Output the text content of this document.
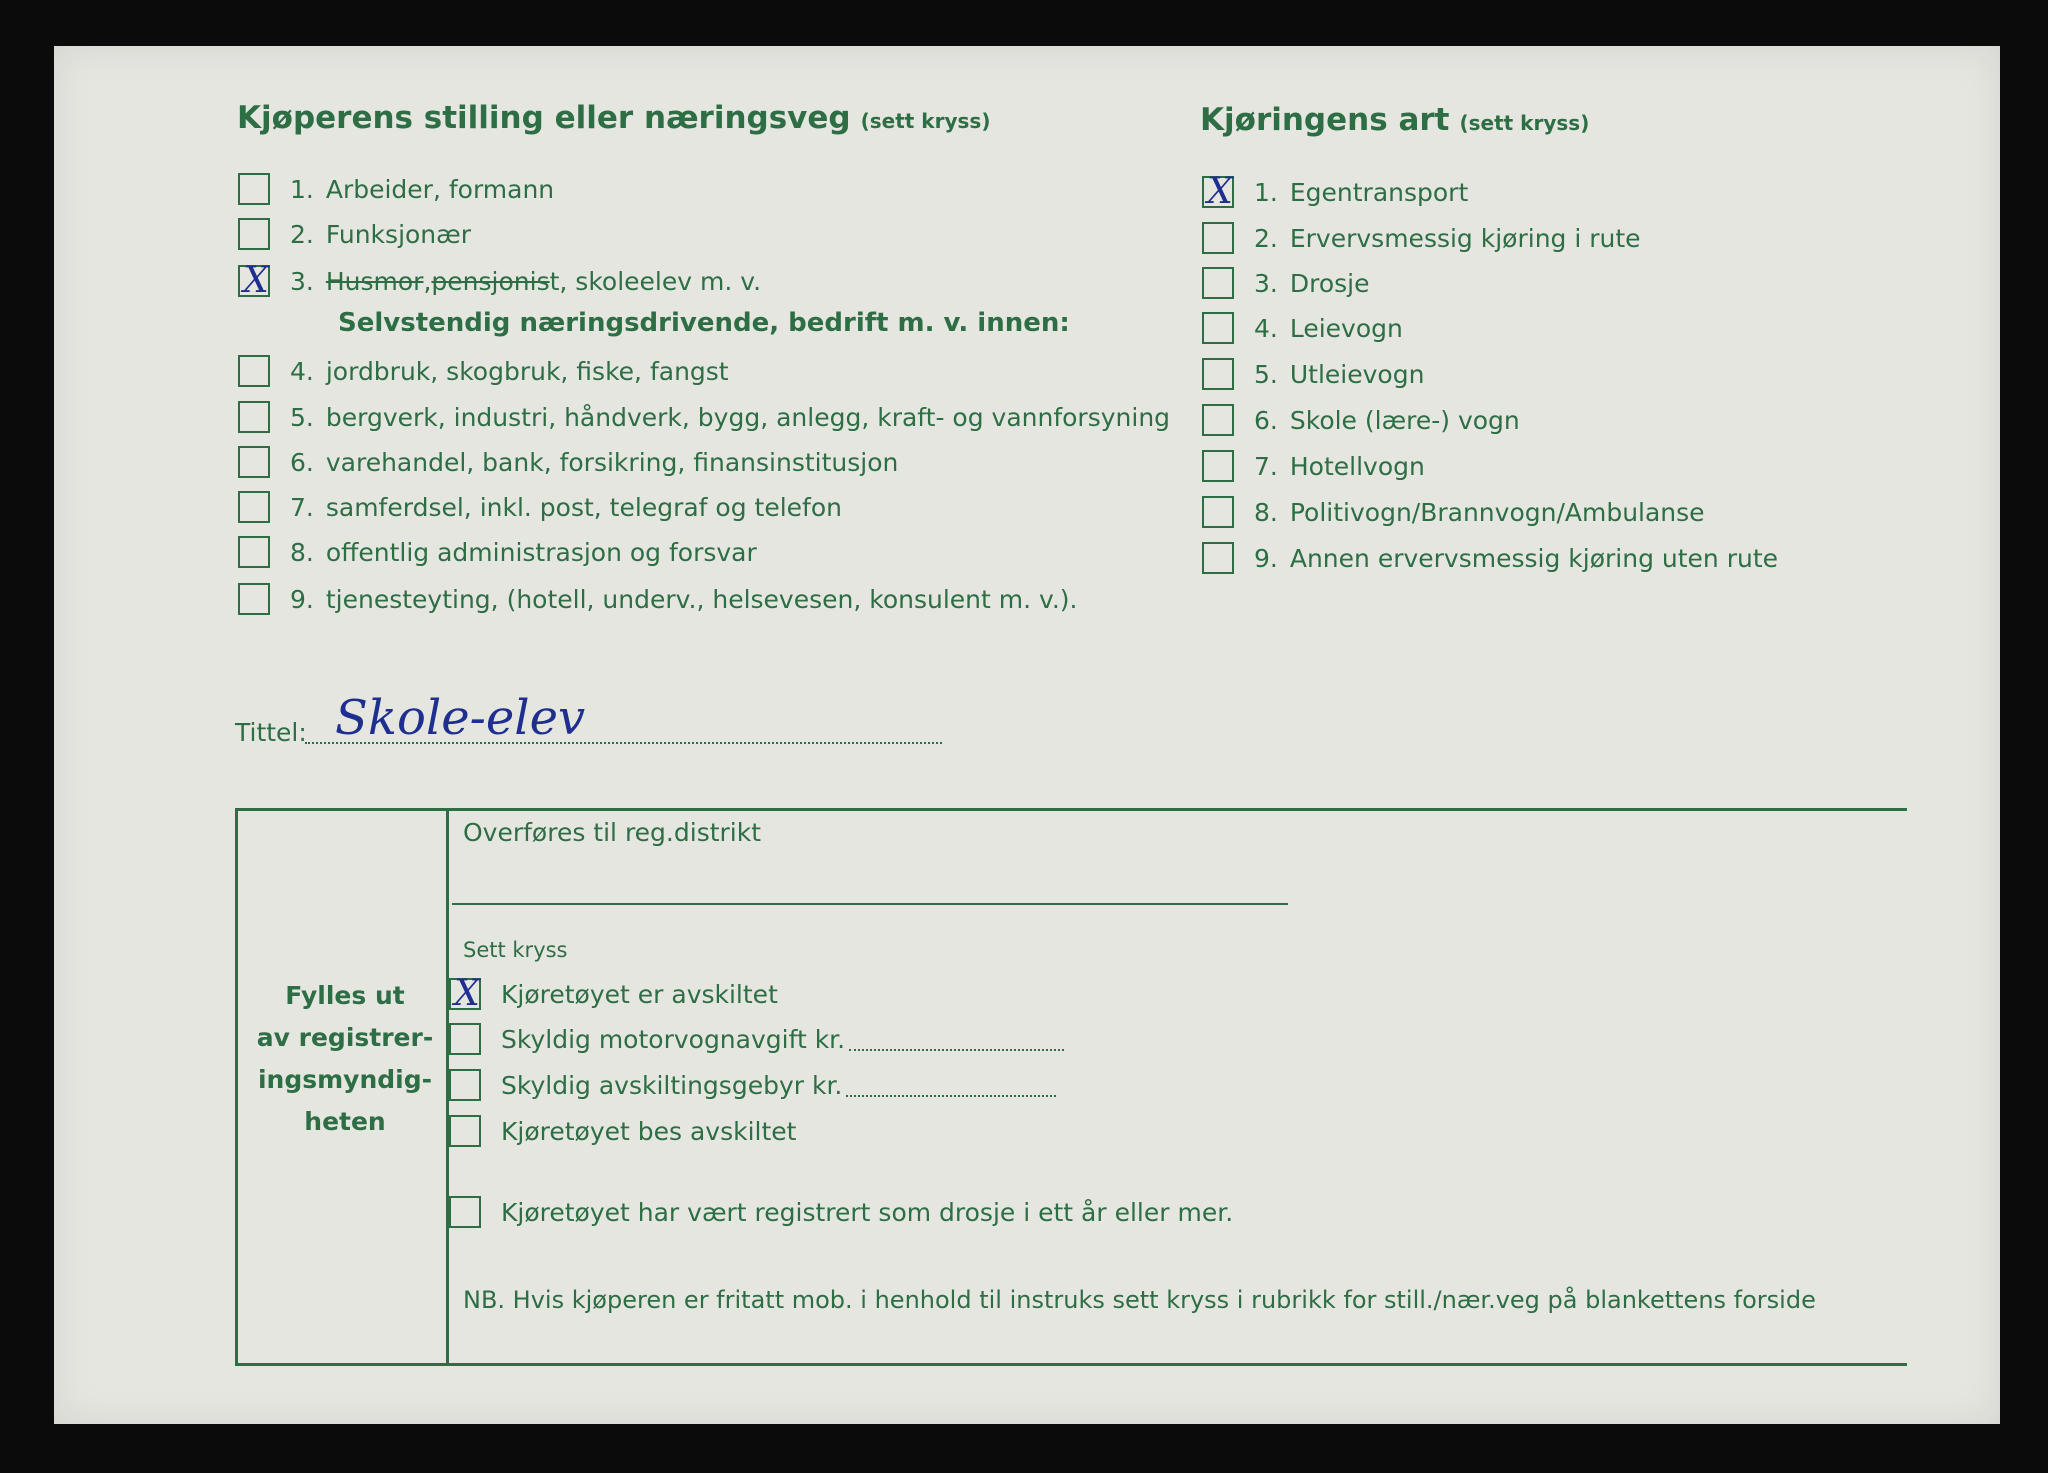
Kjøperens stilling eller næringsveg (sett kryss)	Kjøringens art (sett kryss)
1. Arbeider, formann
2. Funksjonær
X 3. Husmor , pensjonis t, skoleelev m. v.
Selvstendig næringsdrivende, bedrift m. v. innen:
4. jordbruk, skogbruk, fiske, fangst
5. bergverk, industri, håndverk, bygg, anlegg, kraft- og vannforsyning
6. varehandel, bank, forsikring, finansinstitusjon
7. samferdsel, inkl. post, telegraf og telefon
8. offentlig administrasjon og forsvar
9. tjenesteyting, (hotell, underv., helsevesen, konsulent m. v.).
X 1. Egentransport
2. Ervervsmessig kjøring i rute
3. Drosje
4. Leievogn
5. Utleievogn
6. Skole (lære-) vogn
7. Hotellvogn
8. Politivogn/Brannvogn/Ambulanse
9. Annen ervervsmessig kjøring uten rute
Tittel: Skole-elev
Fylles ut
av registrer-
ingsmyndig-
heten
Overføres til reg.distrikt
Sett kryss
X Kjøretøyet er avskiltet
Skyldig motorvognavgift kr.
Skyldig avskiltingsgebyr kr.
Kjøretøyet bes avskiltet
Kjøretøyet har vært registrert som drosje i ett år eller mer.
NB. Hvis kjøperen er fritatt mob. i henhold til instruks sett kryss i rubrikk for still./nær.veg på blankettens forside
